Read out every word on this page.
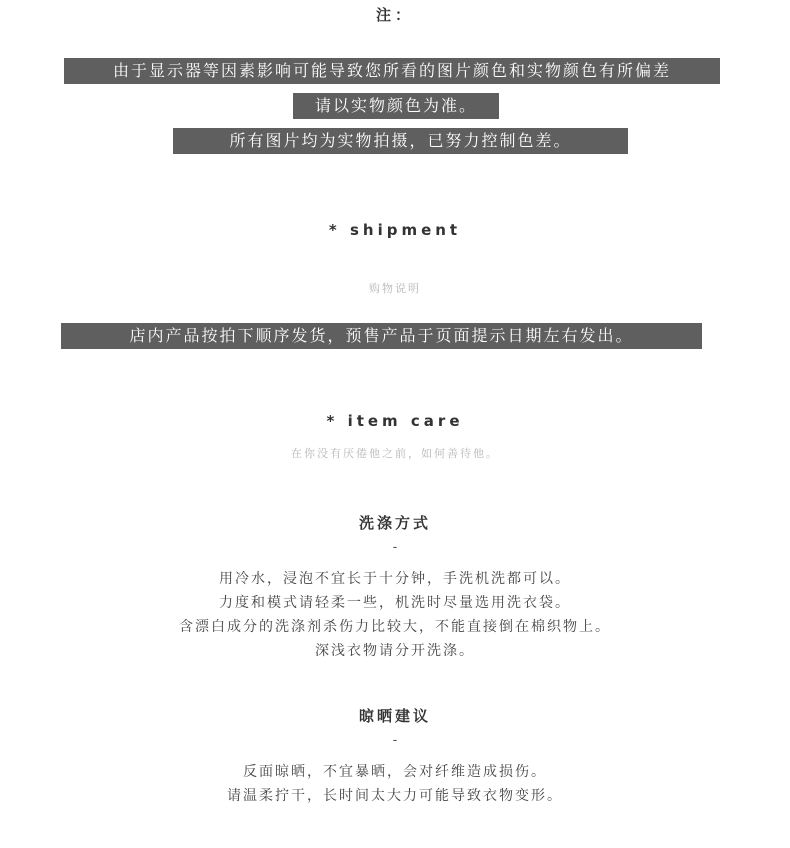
注：
由于显示器等因素影响可能导致您所看的图片颜色和实物颜色有所偏差
请以实物颜色为准。
所有图片均为实物拍摄，已努力控制色差。
* shipment
购物说明
店内产品按拍下顺序发货，预售产品于页面提示日期左右发出。
* item care
在你没有厌倦他之前，如何善待他。
洗涤方式
-
用冷水，浸泡不宜长于十分钟，手洗机洗都可以。
力度和模式请轻柔一些，机洗时尽量选用洗衣袋。
含漂白成分的洗涤剂杀伤力比较大，不能直接倒在棉织物上。
深浅衣物请分开洗涤。
晾晒建议
-
反面晾晒，不宜暴晒，会对纤维造成损伤。
请温柔拧干，长时间太大力可能导致衣物变形。
